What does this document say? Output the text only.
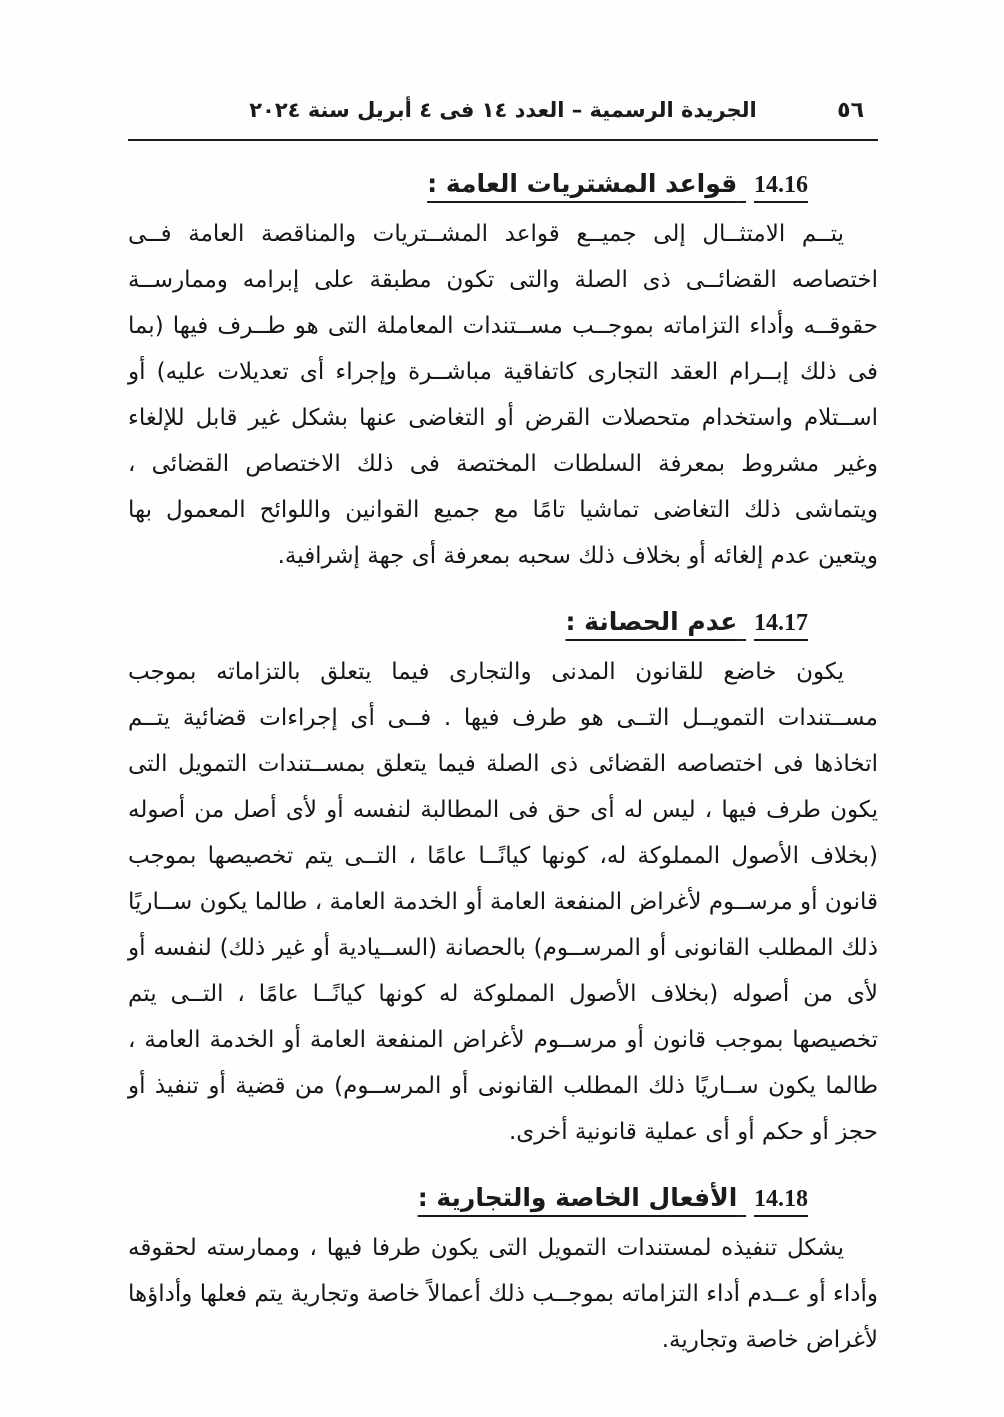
الجريدة الرسمية – العدد ١٤ فى ٤ أبريل سنة ٢٠٢٤	٥٦
14.16 قواعد المشتريات العامة :

يتــم الامتثــال إلى جميــع قواعد المشــتريات والمناقصة العامة فــى اختصاصه القضائــى ذى الصلة والتى تكون مطبقة على إبرامه وممارســة حقوقــه وأداء التزاماته بموجــب مســتندات المعاملة التى هو طــرف فيها (بما فى ذلك إبــرام العقد التجارى كاتفاقية مباشــرة وإجراء أى تعديلات عليه) أو اســتلام واستخدام متحصلات القرض أو التغاضى عنها بشكل غير قابل للإلغاء وغير مشروط بمعرفة السلطات المختصة فى ذلك الاختصاص القضائى ، ويتماشى ذلك التغاضى تماشيا تامًا مع جميع القوانين واللوائح المعمول بها ويتعين عدم إلغائه أو بخلاف ذلك سحبه بمعرفة أى جهة إشرافية.

14.17 عدم الحصانة :

يكون خاضع للقانون المدنى والتجارى فيما يتعلق بالتزاماته بموجب مســتندات التمويــل التــى هو طرف فيها . فــى أى إجراءات قضائية يتــم اتخاذها فى اختصاصه القضائى ذى الصلة فيما يتعلق بمســتندات التمويل التى يكون طرف فيها ، ليس له أى حق فى المطالبة لنفسه أو لأى أصل من أصوله (بخلاف الأصول المملوكة له، كونها كيانًــا عامًا ، التــى يتم تخصيصها بموجب قانون أو مرســوم لأغراض المنفعة العامة أو الخدمة العامة ، طالما يكون ســاريًا ذلك المطلب القانونى أو المرســوم) بالحصانة (الســيادية أو غير ذلك) لنفسه أو لأى من أصوله (بخلاف الأصول المملوكة له كونها كيانًــا عامًا ، التــى يتم تخصيصها بموجب قانون أو مرســوم لأغراض المنفعة العامة أو الخدمة العامة ، طالما يكون ســاريًا ذلك المطلب القانونى أو المرســوم) من قضية أو تنفيذ أو حجز أو حكم أو أى عملية قانونية أخرى.

14.18 الأفعال الخاصة والتجارية :

يشكل تنفيذه لمستندات التمويل التى يكون طرفا فيها ، وممارسته لحقوقه وأداء أو عــدم أداء التزاماته بموجــب ذلك أعمالاً خاصة وتجارية يتم فعلها وأداؤها لأغراض خاصة وتجارية.
